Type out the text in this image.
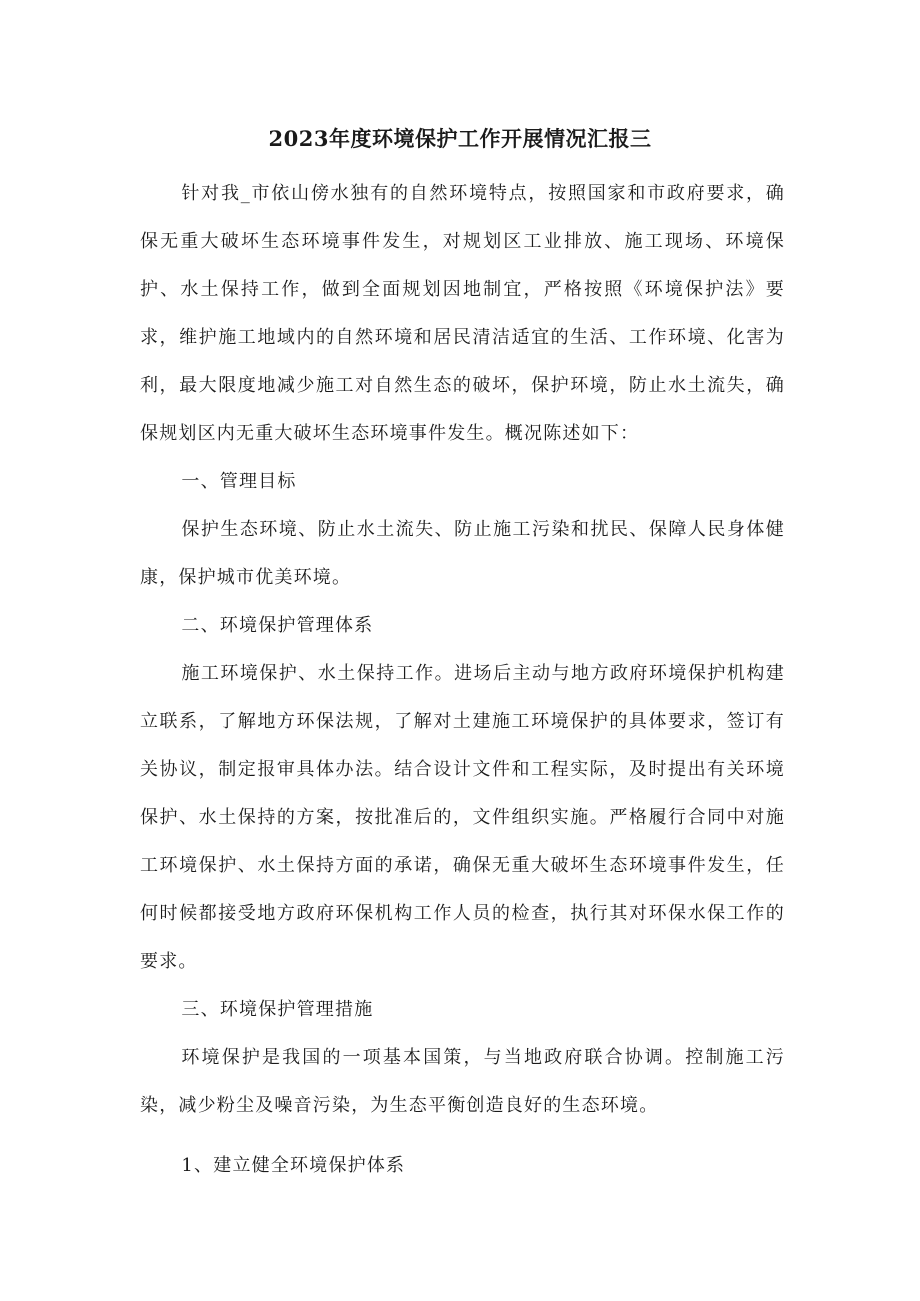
2023年度环境保护工作开展情况汇报三

针对我_市依山傍水独有的自然环境特点，按照国家和市政府要求，确保无重大破坏生态环境事件发生，对规划区工业排放、施工现场、环境保护、水土保持工作，做到全面规划因地制宜，严格按照《环境保护法》要求，维护施工地域内的自然环境和居民清洁适宜的生活、工作环境、化害为利，最大限度地减少施工对自然生态的破坏，保护环境，防止水土流失，确保规划区内无重大破坏生态环境事件发生。概况陈述如下：

一、管理目标

保护生态环境、防止水土流失、防止施工污染和扰民、保障人民身体健康，保护城市优美环境。

二、环境保护管理体系

施工环境保护、水土保持工作。进场后主动与地方政府环境保护机构建立联系，了解地方环保法规，了解对土建施工环境保护的具体要求，签订有关协议，制定报审具体办法。结合设计文件和工程实际，及时提出有关环境保护、水土保持的方案，按批准后的，文件组织实施。严格履行合同中对施工环境保护、水土保持方面的承诺，确保无重大破坏生态环境事件发生，任何时候都接受地方政府环保机构工作人员的检查，执行其对环保水保工作的要求。

三、环境保护管理措施

环境保护是我国的一项基本国策，与当地政府联合协调。控制施工污染，减少粉尘及噪音污染，为生态平衡创造良好的生态环境。

1、建立健全环境保护体系
